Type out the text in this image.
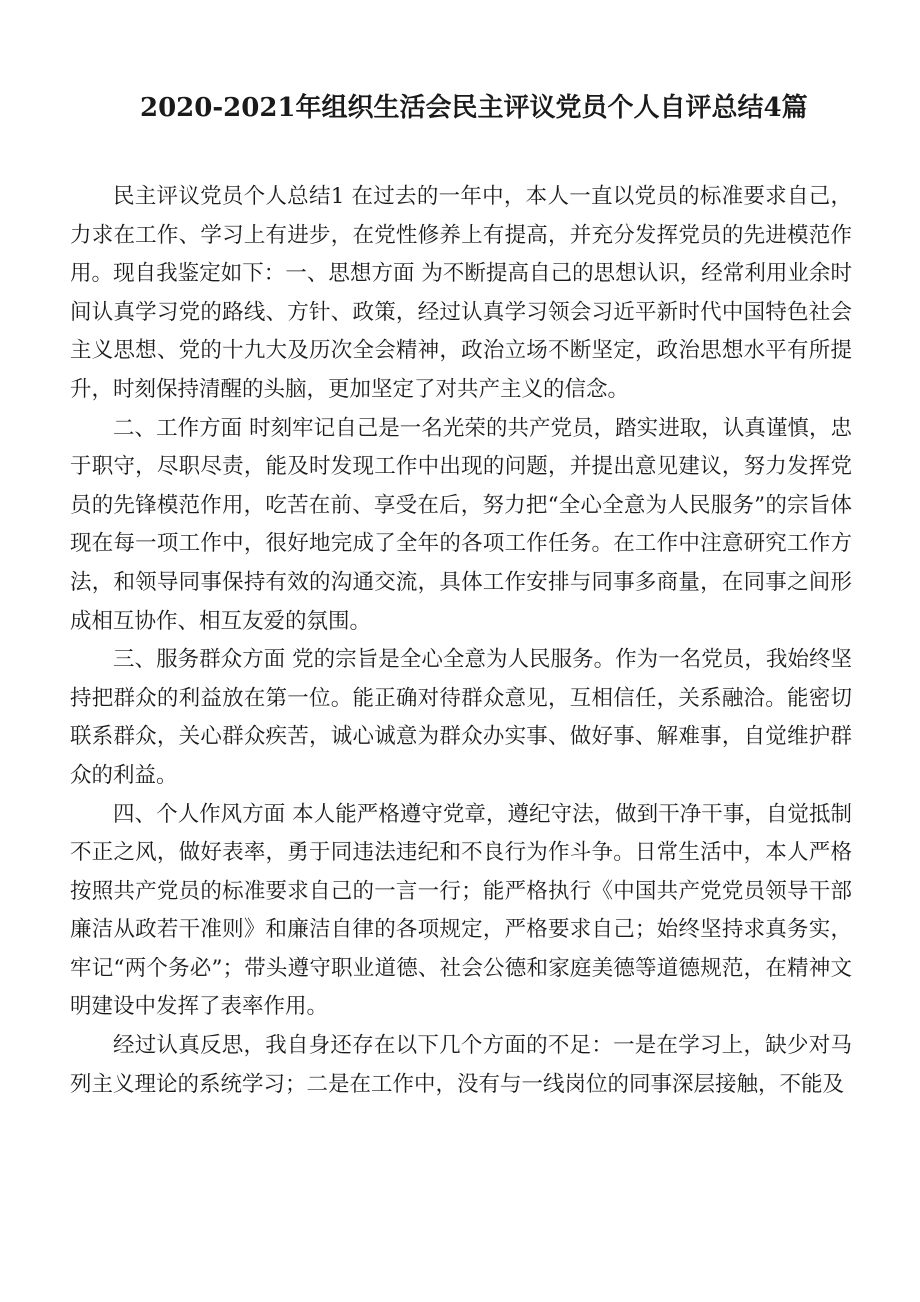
2020-2021年组织生活会民主评议党员个人自评总结4篇

民主评议党员个人总结1 在过去的一年中，本人一直以党员的标准要求自己，力求在工作、学习上有进步，在党性修养上有提高，并充分发挥党员的先进模范作用。现自我鉴定如下：一、思想方面 为不断提高自己的思想认识，经常利用业余时间认真学习党的路线、方针、政策，经过认真学习领会习近平新时代中国特色社会主义思想、党的十九大及历次全会精神，政治立场不断坚定，政治思想水平有所提升，时刻保持清醒的头脑，更加坚定了对共产主义的信念。

二、工作方面 时刻牢记自己是一名光荣的共产党员，踏实进取，认真谨慎，忠于职守，尽职尽责，能及时发现工作中出现的问题，并提出意见建议，努力发挥党员的先锋模范作用，吃苦在前、享受在后，努力把“全心全意为人民服务”的宗旨体现在每一项工作中，很好地完成了全年的各项工作任务。在工作中注意研究工作方法，和领导同事保持有效的沟通交流，具体工作安排与同事多商量，在同事之间形成相互协作、相互友爱的氛围。

三、服务群众方面 党的宗旨是全心全意为人民服务。作为一名党员，我始终坚持把群众的利益放在第一位。能正确对待群众意见，互相信任，关系融洽。能密切联系群众，关心群众疾苦，诚心诚意为群众办实事、做好事、解难事，自觉维护群众的利益。

四、个人作风方面 本人能严格遵守党章，遵纪守法，做到干净干事，自觉抵制不正之风，做好表率，勇于同违法违纪和不良行为作斗争。日常生活中，本人严格按照共产党员的标准要求自己的一言一行；能严格执行《中国共产党党员领导干部廉洁从政若干准则》和廉洁自律的各项规定，严格要求自己；始终坚持求真务实，牢记“两个务必”；带头遵守职业道德、社会公德和家庭美德等道德规范，在精神文明建设中发挥了表率作用。

经过认真反思，我自身还存在以下几个方面的不足：一是在学习上，缺少对马列主义理论的系统学习；二是在工作中，没有与一线岗位的同事深层接触，不能及
